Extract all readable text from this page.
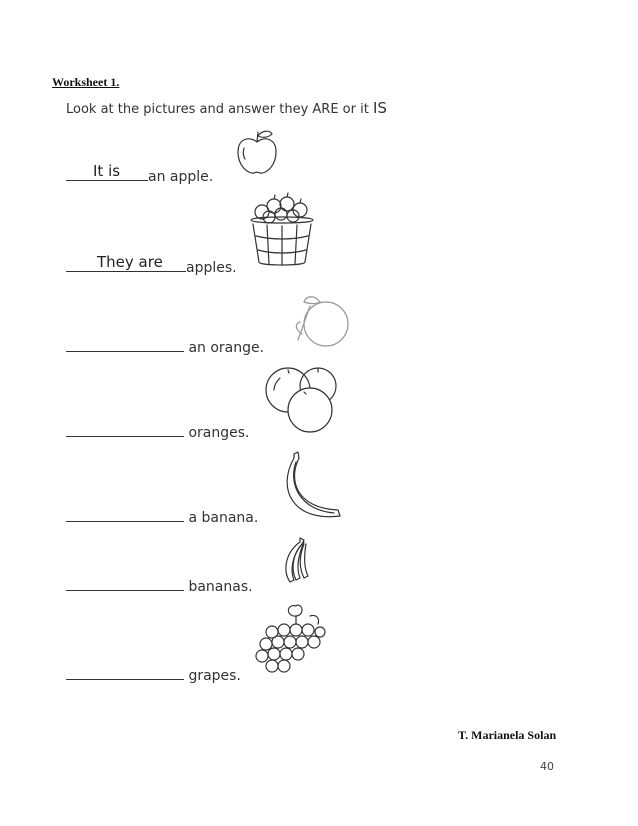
Worksheet 1.
Look at the pictures and answer they ARE or it IS
It is an apple.
They are apples.
an orange.
oranges.
a banana.
bananas.
grapes.
T. Marianela Solan
40
